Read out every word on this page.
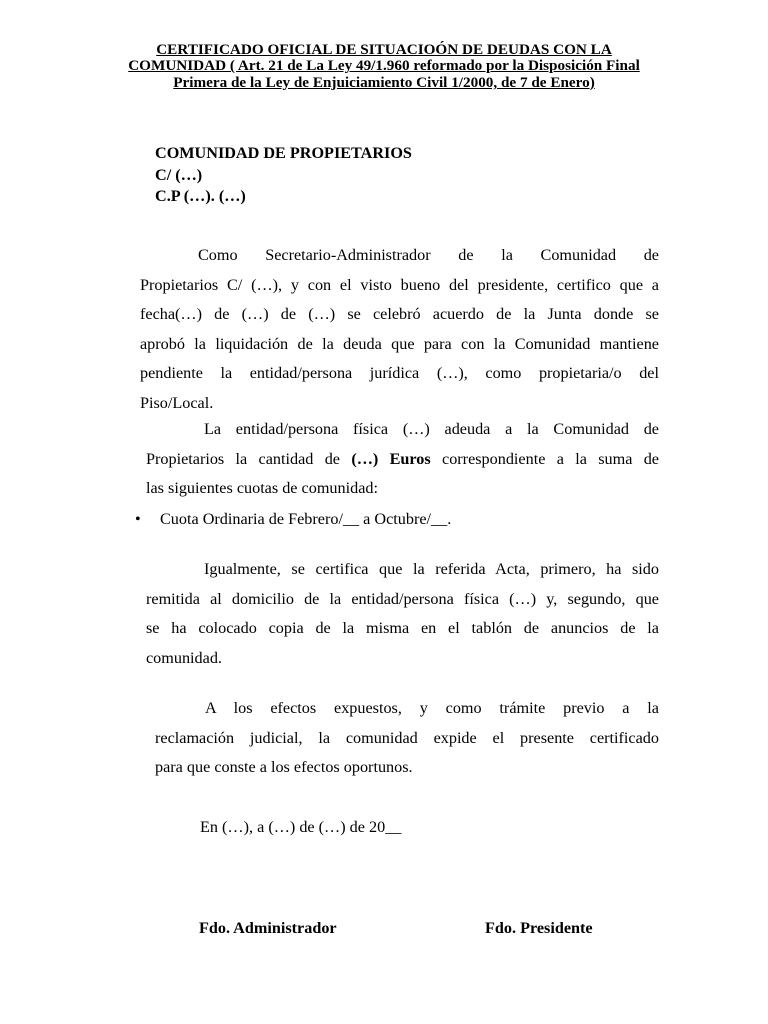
CERTIFICADO OFICIAL DE SITUACIOÓN DE DEUDAS CON LA
COMUNIDAD ( Art. 21 de La Ley 49/1.960 reformado por la Disposición Final
Primera de la Ley de Enjuiciamiento Civil 1/2000, de 7 de Enero)
COMUNIDAD DE PROPIETARIOS
C/ (…)
C.P (…). (…)
Como Secretario-Administrador de la Comunidad de
Propietarios C/ (…), y con el visto bueno del presidente, certifico que a
fecha(…) de (…) de (…) se celebró acuerdo de la Junta donde se
aprobó la liquidación de la deuda que para con la Comunidad mantiene
pendiente la entidad/persona jurídica (…), como propietaria/o del
Piso/Local.
La entidad/persona física (…) adeuda a la Comunidad de
Propietarios la cantidad de (…) Euros correspondiente a la suma de
las siguientes cuotas de comunidad:
• Cuota Ordinaria de Febrero/__ a Octubre/__.
Igualmente, se certifica que la referida Acta, primero, ha sido
remitida al domicilio de la entidad/persona física (…) y, segundo, que
se ha colocado copia de la misma en el tablón de anuncios de la
comunidad.
A los efectos expuestos, y como trámite previo a la
reclamación judicial, la comunidad expide el presente certificado
para que conste a los efectos oportunos.
En (…), a (…) de (…) de 20__
Fdo. Administrador	Fdo. Presidente
